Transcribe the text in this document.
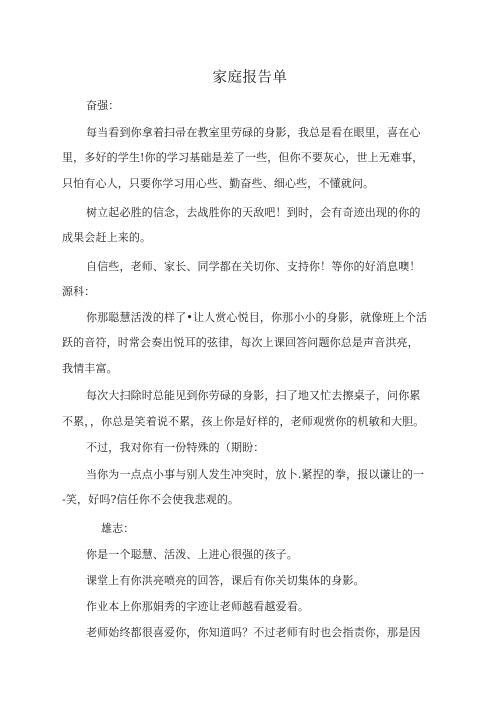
家庭报告单
奋强：
每当看到你拿着扫帚在教室里劳碌的身影，我总是看在眼里，喜在心
里，多好的学生!你的学习基础是差了一些，但你不要灰心，世上无难事，
只怕有心人，只要你学习用心些、勤奋些、细心些，不懂就问。
树立起必胜的信念，去战胜你的天敌吧！到时，会有奇迹出现的你的
成果会赶上来的。
自信些，老师、家长、同学都在关切你、支持你！等你的好消息噢！
源科：
你那聪慧活泼的样了•让人赏心悦目，你那小小的身影，就像班上个活
跃的音符，时常会奏出悦耳的弦律，每次上课回答问题你总是声音洪亮，
我情丰富。
每次大扫除时总能见到你劳碌的身影，扫了地又忙去擦桌子，问你累
不累，，你总是笑着说不累，孩上你是好样的，老师观赏你的机敏和大胆。
不过，我对你有一份特殊的（期盼：
当你为一点点小事与别人发生冲突时，放卜.紧捏的拳，报以谦让的一
-笑，好吗?信任你不会使我悲观的。
雄志：
你是一个聪慧、活泼、上进心很强的孩子。
课堂上有你洪亮喷亮的回答，课后有你关切集体的身影。
作业本上你那娟秀的字迹让老师越看越爱看。
老师始终都很喜爱你，你知道吗？不过老师有时也会指责你，那是因
